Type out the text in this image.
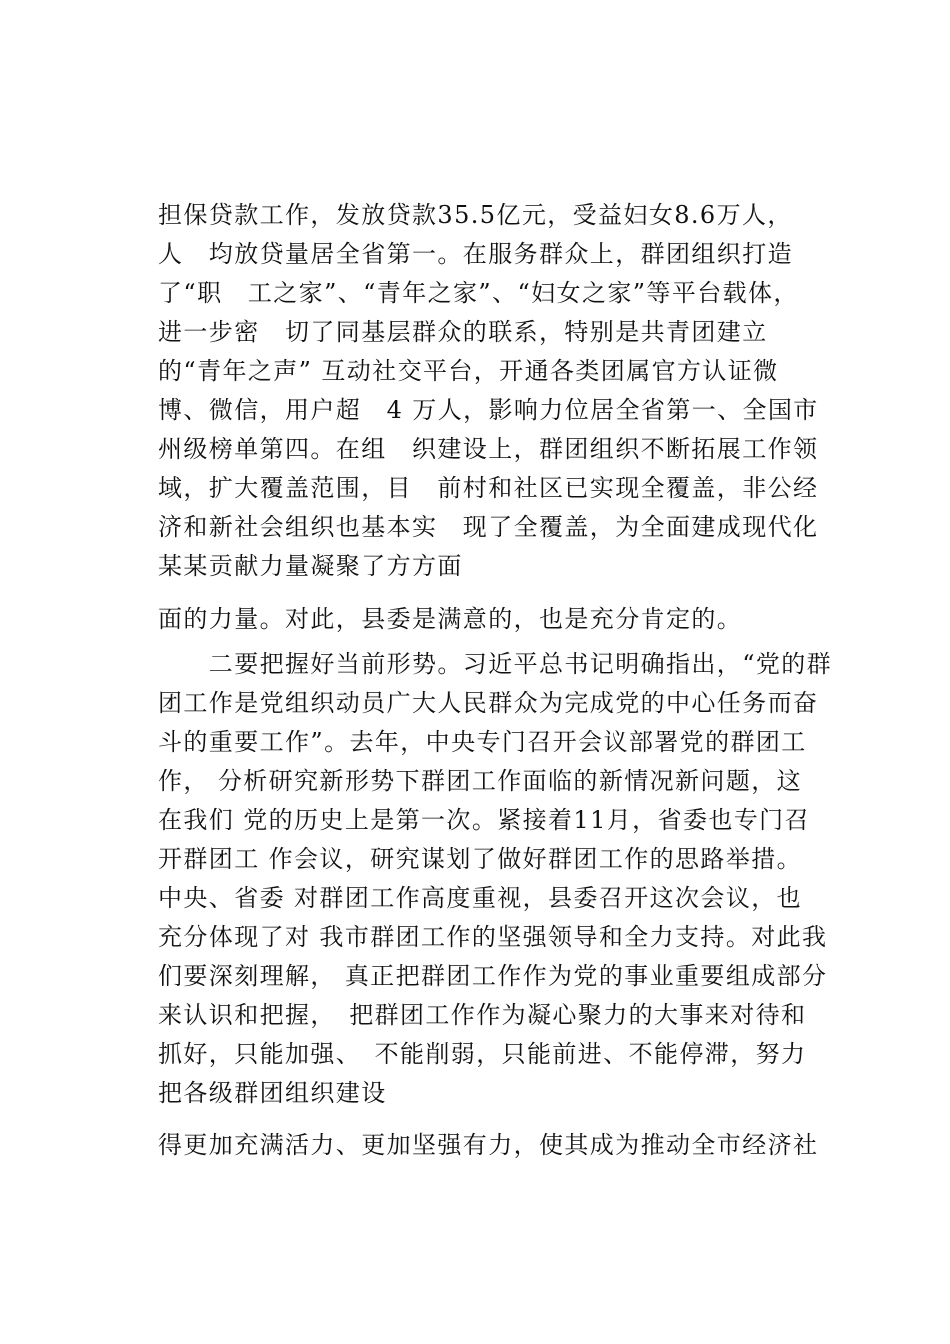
担保贷款工作，发放贷款35.5亿元，受益妇女8.6万人，
人　均放贷量居全省第一。在服务群众上，群团组织打造
了“职　工之家”、“青年之家”、“妇女之家”等平台载体，
进一步密　切了同基层群众的联系，特别是共青团建立
的“青年之声” 互动社交平台，开通各类团属官方认证微
博、微信，用户超　4 万人，影响力位居全省第一、全国市
州级榜单第四。在组　织建设上，群团组织不断拓展工作领
域，扩大覆盖范围，目　前村和社区已实现全覆盖，非公经
济和新社会组织也基本实　现了全覆盖，为全面建成现代化
某某贡献力量凝聚了方方面
面的力量。对此，县委是满意的，也是充分肯定的。
　　二要把握好当前形势。习近平总书记明确指出，“党的群
团工作是党组织动员广大人民群众为完成党的中心任务而奋
斗的重要工作”。去年，中央专门召开会议部署党的群团工
作， 分析研究新形势下群团工作面临的新情况新问题，这
在我们 党的历史上是第一次。紧接着11月，省委也专门召
开群团工 作会议，研究谋划了做好群团工作的思路举措。
中央、省委 对群团工作高度重视，县委召开这次会议，也
充分体现了对 我市群团工作的坚强领导和全力支持。对此我
们要深刻理解， 真正把群团工作作为党的事业重要组成部分
来认识和把握，　把群团工作作为凝心聚力的大事来对待和
抓好，只能加强、　不能削弱，只能前进、不能停滞，努力
把各级群团组织建设
得更加充满活力、更加坚强有力，使其成为推动全市经济社
